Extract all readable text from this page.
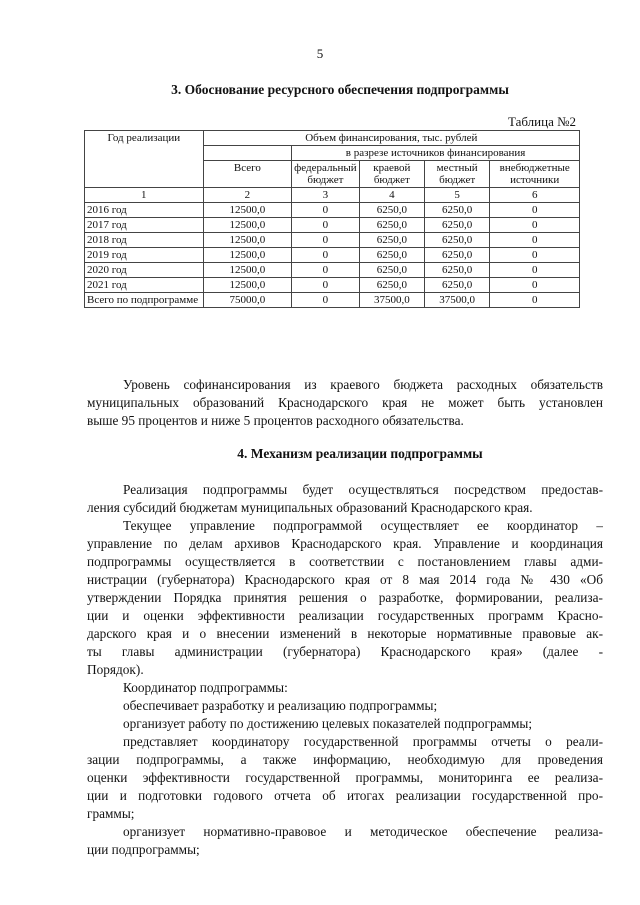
5
3. Обоснование ресурсного обеспечения подпрограммы
Таблица №2
Год реализации	Объем финансирования, тыс. рублей				
		в разрезе источников финансирования			
	Всего	федеральный бюджет	краевой бюджет	местный бюджет	внебюджетные источники
1	2	3	4	5	6
2016 год	12500,0	0	6250,0	6250,0	0
2017 год	12500,0	0	6250,0	6250,0	0
2018 год	12500,0	0	6250,0	6250,0	0
2019 год	12500,0	0	6250,0	6250,0	0
2020 год	12500,0	0	6250,0	6250,0	0
2021 год	12500,0	0	6250,0	6250,0	0
Всего по подпрограмме	75000,0	0	37500,0	37500,0	0
Уровень софинансирования из краевого бюджета расходных обязательств
муниципальных образований Краснодарского края не может быть установлен
выше 95 процентов и ниже 5 процентов расходного обязательства.
4. Механизм реализации подпрограммы
Реализация подпрограммы будет осуществляться посредством предостав-
ления субсидий бюджетам муниципальных образований Краснодарского края.
Текущее управление подпрограммой осуществляет ее координатор –
управление по делам архивов Краснодарского края. Управление и координация
подпрограммы осуществляется в соответствии с постановлением главы адми-
нистрации (губернатора) Краснодарского края от 8 мая 2014 года № 430 «Об
утверждении Порядка принятия решения о разработке, формировании, реализа-
ции и оценки эффективности реализации государственных программ Красно-
дарского края и о внесении изменений в некоторые нормативные правовые ак-
ты главы администрации (губернатора) Краснодарского края» (далее -
Порядок).
Координатор подпрограммы:
обеспечивает разработку и реализацию подпрограммы;
организует работу по достижению целевых показателей подпрограммы;
представляет координатору государственной программы отчеты о реали-
зации подпрограммы, а также информацию, необходимую для проведения
оценки эффективности государственной программы, мониторинга ее реализа-
ции и подготовки годового отчета об итогах реализации государственной про-
граммы;
организует нормативно-правовое и методическое обеспечение реализа-
ции подпрограммы;
